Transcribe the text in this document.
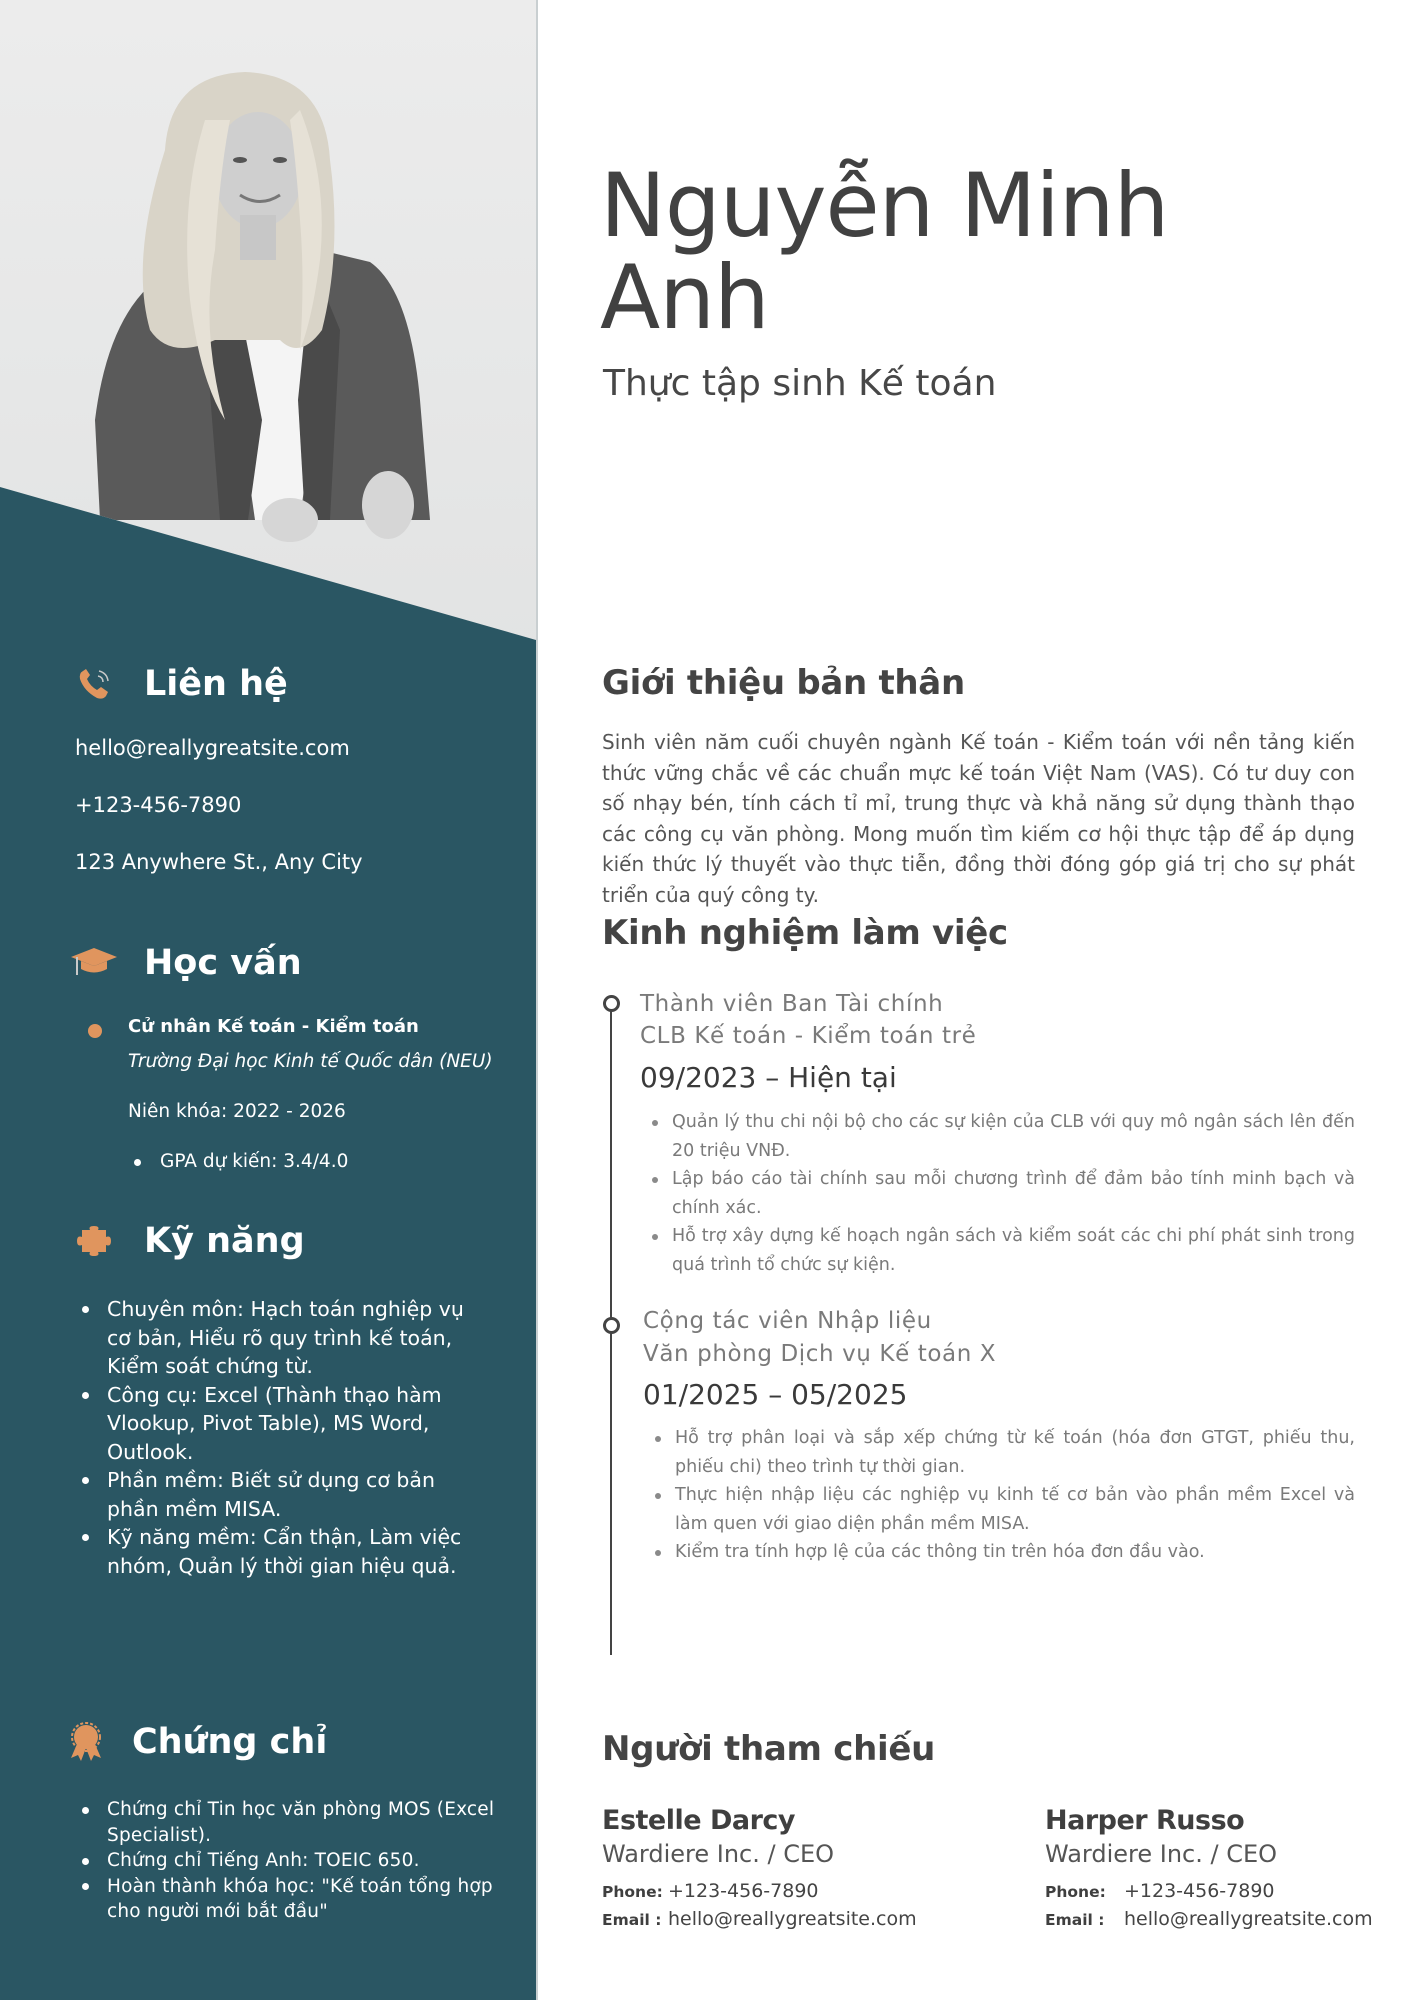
Liên hệ
hello@reallygreatsite.com
+123-456-7890
123 Anywhere St., Any City
Học vấn
Cử nhân Kế toán - Kiểm toán
Trường Đại học Kinh tế Quốc dân (NEU)
Niên khóa: 2022 - 2026
GPA dự kiến: 3.4/4.0
Kỹ năng
Chuyên môn: Hạch toán nghiệp vụ cơ bản, Hiểu rõ quy trình kế toán, Kiểm soát chứng từ.
Công cụ: Excel (Thành thạo hàm Vlookup, Pivot Table), MS Word, Outlook.
Phần mềm: Biết sử dụng cơ bản phần mềm MISA.
Kỹ năng mềm: Cẩn thận, Làm việc nhóm, Quản lý thời gian hiệu quả.
Chứng chỉ
Chứng chỉ Tin học văn phòng MOS (Excel Specialist).
Chứng chỉ Tiếng Anh: TOEIC 650.
Hoàn thành khóa học: "Kế toán tổng hợp cho người mới bắt đầu"
Nguyễn Minh
Anh
Thực tập sinh Kế toán
Giới thiệu bản thân
Sinh viên năm cuối chuyên ngành Kế toán - Kiểm toán với nền tảng kiến thức vững chắc về các chuẩn mực kế toán Việt Nam (VAS). Có tư duy con số nhạy bén, tính cách tỉ mỉ, trung thực và khả năng sử dụng thành thạo các công cụ văn phòng. Mong muốn tìm kiếm cơ hội thực tập để áp dụng kiến thức lý thuyết vào thực tiễn, đồng thời đóng góp giá trị cho sự phát triển của quý công ty.
Kinh nghiệm làm việc
Thành viên Ban Tài chính
CLB Kế toán - Kiểm toán trẻ
09/2023 – Hiện tại
Quản lý thu chi nội bộ cho các sự kiện của CLB với quy mô ngân sách lên đến 20 triệu VNĐ.
Lập báo cáo tài chính sau mỗi chương trình để đảm bảo tính minh bạch và chính xác.
Hỗ trợ xây dựng kế hoạch ngân sách và kiểm soát các chi phí phát sinh trong quá trình tổ chức sự kiện.
Cộng tác viên Nhập liệu
Văn phòng Dịch vụ Kế toán X
01/2025 – 05/2025
Hỗ trợ phân loại và sắp xếp chứng từ kế toán (hóa đơn GTGT, phiếu thu, phiếu chi) theo trình tự thời gian.
Thực hiện nhập liệu các nghiệp vụ kinh tế cơ bản vào phần mềm Excel và làm quen với giao diện phần mềm MISA.
Kiểm tra tính hợp lệ của các thông tin trên hóa đơn đầu vào.
Người tham chiếu
Estelle Darcy
Wardiere Inc. / CEO
Phone: +123-456-7890
Email : hello@reallygreatsite.com
Harper Russo
Wardiere Inc. / CEO
Phone: +123-456-7890
Email :	hello@reallygreatsite.com
